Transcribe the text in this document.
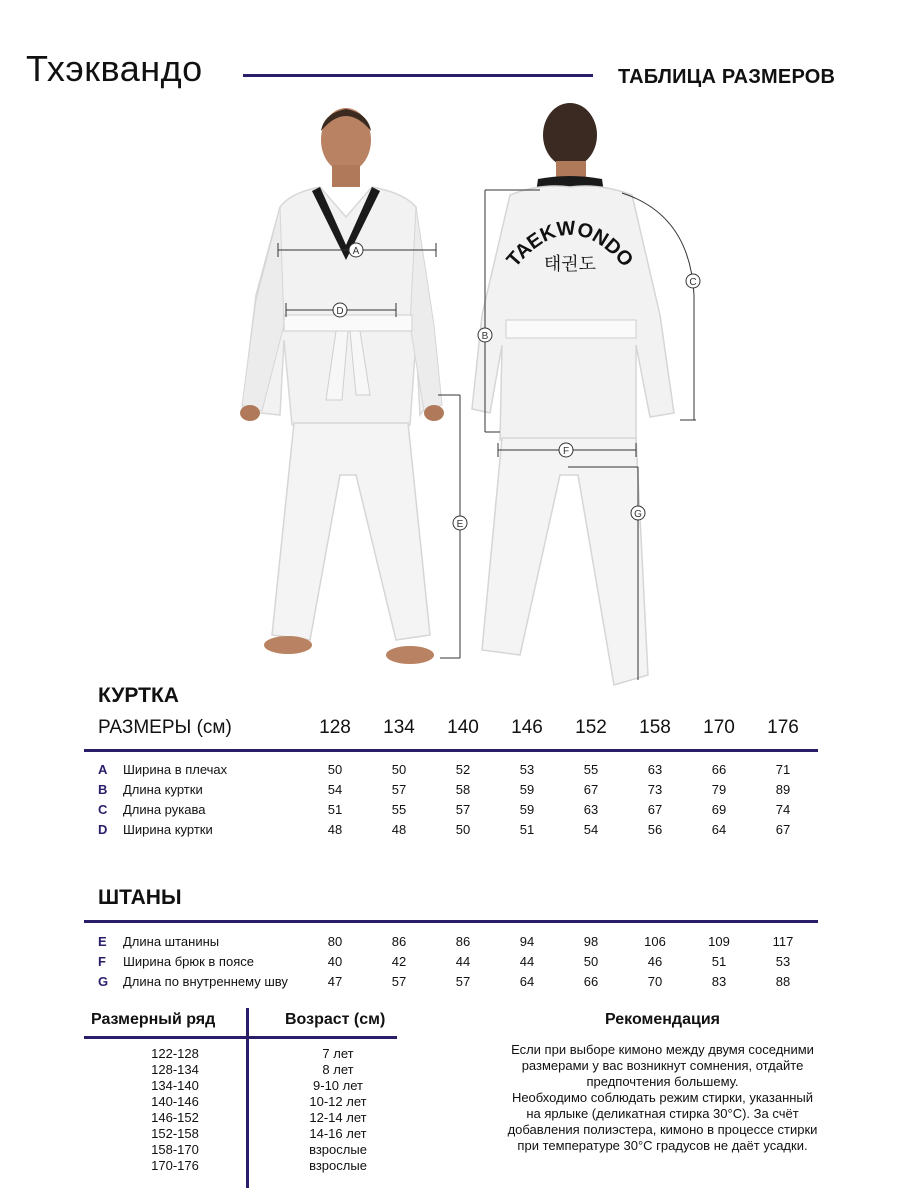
Тхэквандо	ТАБЛИЦА РАЗМЕРОВ
A
D
E
TAEKWONDO
태권도
B
C
F
G
КУРТКА
РАЗМЕРЫ (см)	128	134	140	146	152	158	170	176
A Ширина в плечах	50	50	52	53	55	63	66	71
B Длина куртки	54	57	58	59	67	73	79	89
C Длина рукава	51	55	57	59	63	67	69	74
D Ширина куртки	48	48	50	51	54	56	64	67
ШТАНЫ
E Длина штанины	80	86	86	94	98	106	109	117
F Ширина брюк в поясе	40	42	44	44	50	46	51	53
G Длина по внутреннему шву	47	57	57	64	66	70	83	88
Размерный ряд	Возраст (см)
122-128	7 лет
128-134	8 лет
134-140	9-10 лет
140-146	10-12 лет
146-152	12-14 лет
152-158	14-16 лет
158-170	взрослые
170-176	взрослые
Рекомендация
Если при выборе кимоно между двумя соседними
размерами у вас возникнут сомнения, отдайте
предпочтения большему.
Необходимо соблюдать режим стирки, указанный
на ярлыке (деликатная стирка 30°С). За счёт
добавления полиэстера, кимоно в процессе стирки
при температуре 30°С градусов не даёт усадки.
